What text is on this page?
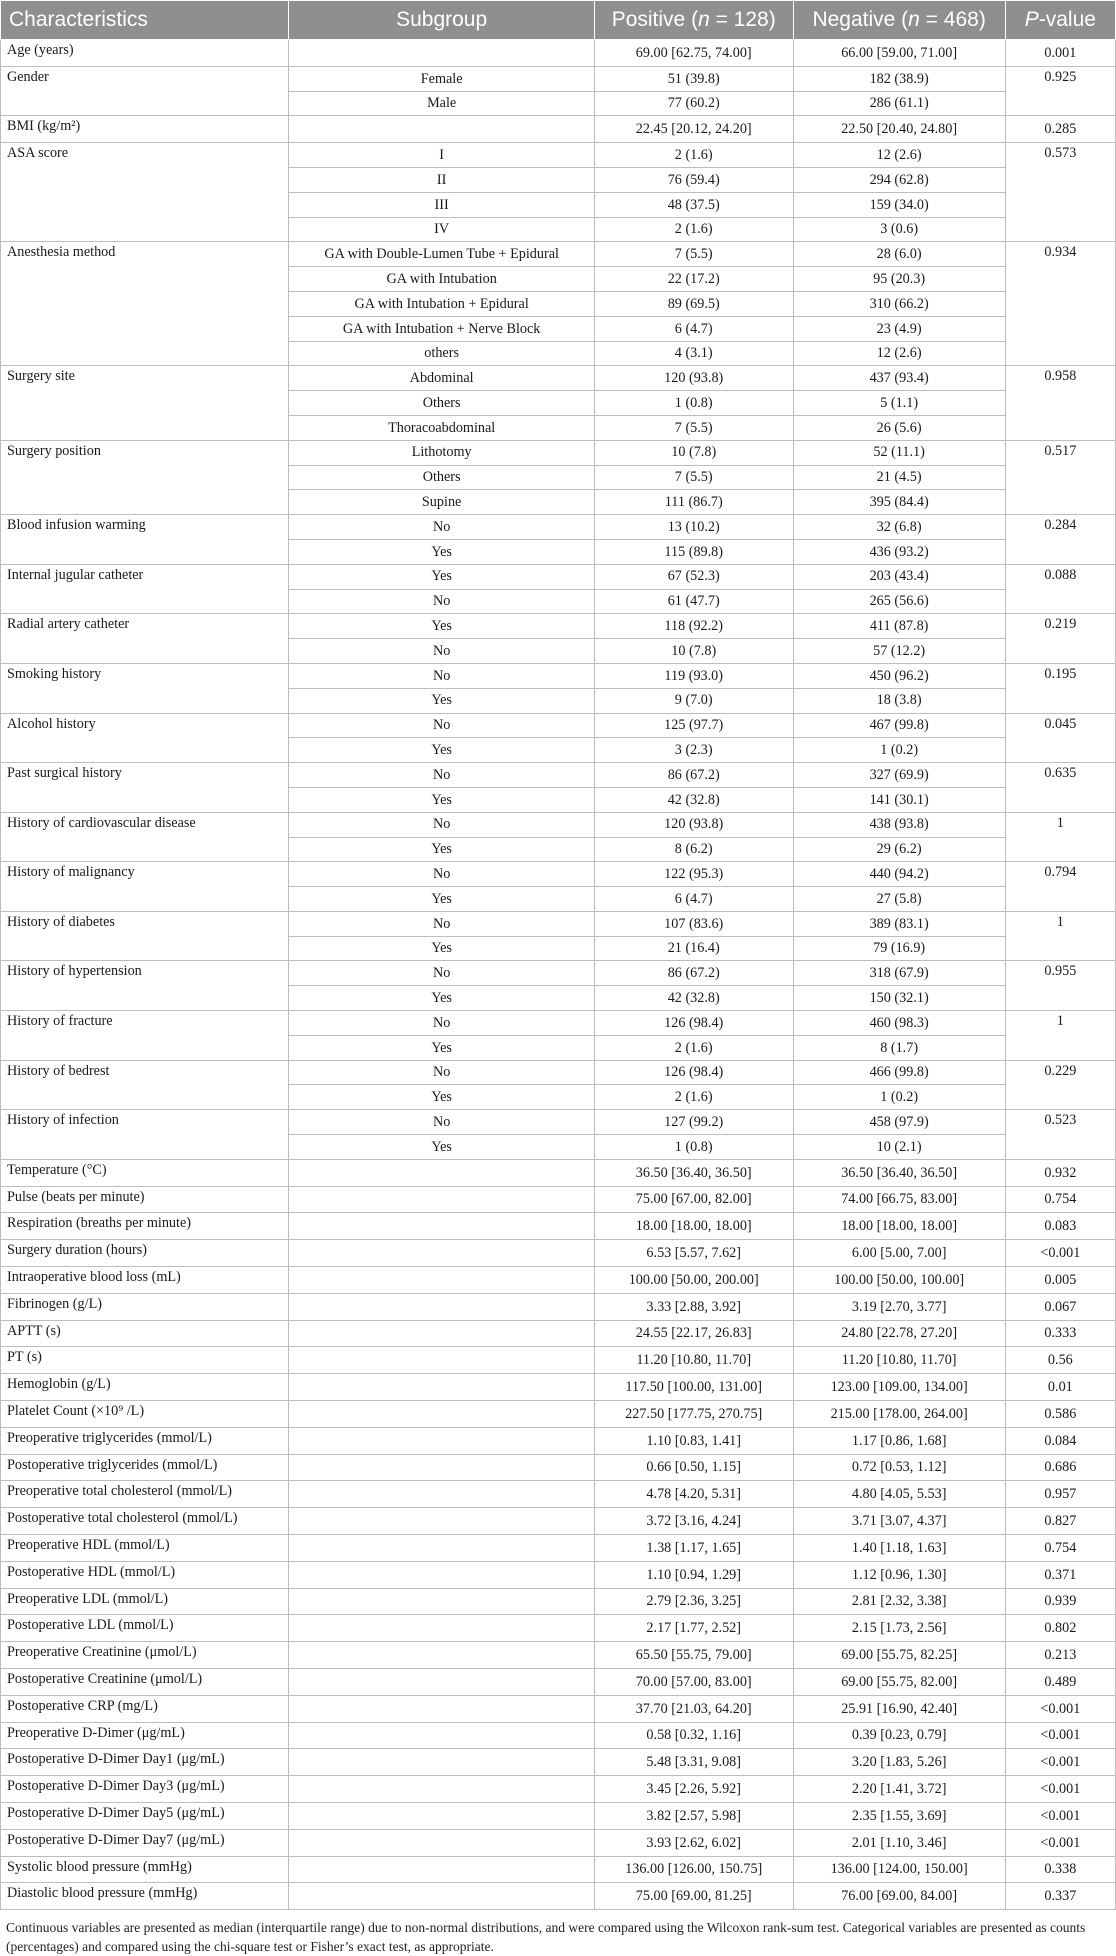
Characteristics	Subgroup	Positive (n = 128)	Negative (n = 468)	P-value
Age (years)		69.00 [62.75, 74.00]	66.00 [59.00, 71.00]	0.001
Gender	Female	51 (39.8)	182 (38.9)	0.925
	Male	77 (60.2)	286 (61.1)	
BMI (kg/m²)		22.45 [20.12, 24.20]	22.50 [20.40, 24.80]	0.285
ASA score	I	2 (1.6)	12 (2.6)	0.573
	II	76 (59.4)	294 (62.8)	
	III	48 (37.5)	159 (34.0)	
	IV	2 (1.6)	3 (0.6)	
Anesthesia method	GA with Double-Lumen Tube + Epidural	7 (5.5)	28 (6.0)	0.934
	GA with Intubation	22 (17.2)	95 (20.3)	
	GA with Intubation + Epidural	89 (69.5)	310 (66.2)	
	GA with Intubation + Nerve Block	6 (4.7)	23 (4.9)	
	others	4 (3.1)	12 (2.6)	
Surgery site	Abdominal	120 (93.8)	437 (93.4)	0.958
	Others	1 (0.8)	5 (1.1)	
	Thoracoabdominal	7 (5.5)	26 (5.6)	
Surgery position	Lithotomy	10 (7.8)	52 (11.1)	0.517
	Others	7 (5.5)	21 (4.5)	
	Supine	111 (86.7)	395 (84.4)	
Blood infusion warming	No	13 (10.2)	32 (6.8)	0.284
	Yes	115 (89.8)	436 (93.2)	
Internal jugular catheter	Yes	67 (52.3)	203 (43.4)	0.088
	No	61 (47.7)	265 (56.6)	
Radial artery catheter	Yes	118 (92.2)	411 (87.8)	0.219
	No	10 (7.8)	57 (12.2)	
Smoking history	No	119 (93.0)	450 (96.2)	0.195
	Yes	9 (7.0)	18 (3.8)	
Alcohol history	No	125 (97.7)	467 (99.8)	0.045
	Yes	3 (2.3)	1 (0.2)	
Past surgical history	No	86 (67.2)	327 (69.9)	0.635
	Yes	42 (32.8)	141 (30.1)	
History of cardiovascular disease	No	120 (93.8)	438 (93.8)	1
	Yes	8 (6.2)	29 (6.2)	
History of malignancy	No	122 (95.3)	440 (94.2)	0.794
	Yes	6 (4.7)	27 (5.8)	
History of diabetes	No	107 (83.6)	389 (83.1)	1
	Yes	21 (16.4)	79 (16.9)	
History of hypertension	No	86 (67.2)	318 (67.9)	0.955
	Yes	42 (32.8)	150 (32.1)	
History of fracture	No	126 (98.4)	460 (98.3)	1
	Yes	2 (1.6)	8 (1.7)	
History of bedrest	No	126 (98.4)	466 (99.8)	0.229
	Yes	2 (1.6)	1 (0.2)	
History of infection	No	127 (99.2)	458 (97.9)	0.523
	Yes	1 (0.8)	10 (2.1)	
Temperature (°C)		36.50 [36.40, 36.50]	36.50 [36.40, 36.50]	0.932
Pulse (beats per minute)		75.00 [67.00, 82.00]	74.00 [66.75, 83.00]	0.754
Respiration (breaths per minute)		18.00 [18.00, 18.00]	18.00 [18.00, 18.00]	0.083
Surgery duration (hours)		6.53 [5.57, 7.62]	6.00 [5.00, 7.00]	<0.001
Intraoperative blood loss (mL)		100.00 [50.00, 200.00]	100.00 [50.00, 100.00]	0.005
Fibrinogen (g/L)		3.33 [2.88, 3.92]	3.19 [2.70, 3.77]	0.067
APTT (s)		24.55 [22.17, 26.83]	24.80 [22.78, 27.20]	0.333
PT (s)		11.20 [10.80, 11.70]	11.20 [10.80, 11.70]	0.56
Hemoglobin (g/L)		117.50 [100.00, 131.00]	123.00 [109.00, 134.00]	0.01
Platelet Count (×10⁹ /L)		227.50 [177.75, 270.75]	215.00 [178.00, 264.00]	0.586
Preoperative triglycerides (mmol/L)		1.10 [0.83, 1.41]	1.17 [0.86, 1.68]	0.084
Postoperative triglycerides (mmol/L)		0.66 [0.50, 1.15]	0.72 [0.53, 1.12]	0.686
Preoperative total cholesterol (mmol/L)		4.78 [4.20, 5.31]	4.80 [4.05, 5.53]	0.957
Postoperative total cholesterol (mmol/L)		3.72 [3.16, 4.24]	3.71 [3.07, 4.37]	0.827
Preoperative HDL (mmol/L)		1.38 [1.17, 1.65]	1.40 [1.18, 1.63]	0.754
Postoperative HDL (mmol/L)		1.10 [0.94, 1.29]	1.12 [0.96, 1.30]	0.371
Preoperative LDL (mmol/L)		2.79 [2.36, 3.25]	2.81 [2.32, 3.38]	0.939
Postoperative LDL (mmol/L)		2.17 [1.77, 2.52]	2.15 [1.73, 2.56]	0.802
Preoperative Creatinine (μmol/L)		65.50 [55.75, 79.00]	69.00 [55.75, 82.25]	0.213
Postoperative Creatinine (μmol/L)		70.00 [57.00, 83.00]	69.00 [55.75, 82.00]	0.489
Postoperative CRP (mg/L)		37.70 [21.03, 64.20]	25.91 [16.90, 42.40]	<0.001
Preoperative D-Dimer (μg/mL)		0.58 [0.32, 1.16]	0.39 [0.23, 0.79]	<0.001
Postoperative D-Dimer Day1 (μg/mL)		5.48 [3.31, 9.08]	3.20 [1.83, 5.26]	<0.001
Postoperative D-Dimer Day3 (μg/mL)		3.45 [2.26, 5.92]	2.20 [1.41, 3.72]	<0.001
Postoperative D-Dimer Day5 (μg/mL)		3.82 [2.57, 5.98]	2.35 [1.55, 3.69]	<0.001
Postoperative D-Dimer Day7 (μg/mL)		3.93 [2.62, 6.02]	2.01 [1.10, 3.46]	<0.001
Systolic blood pressure (mmHg)		136.00 [126.00, 150.75]	136.00 [124.00, 150.00]	0.338
Diastolic blood pressure (mmHg)		75.00 [69.00, 81.25]	76.00 [69.00, 84.00]	0.337
Continuous variables are presented as median (interquartile range) due to non-normal distributions, and were compared using the Wilcoxon rank-sum test. Categorical variables are presented as counts (percentages) and compared using the chi-square test or Fisher’s exact test, as appropriate.
